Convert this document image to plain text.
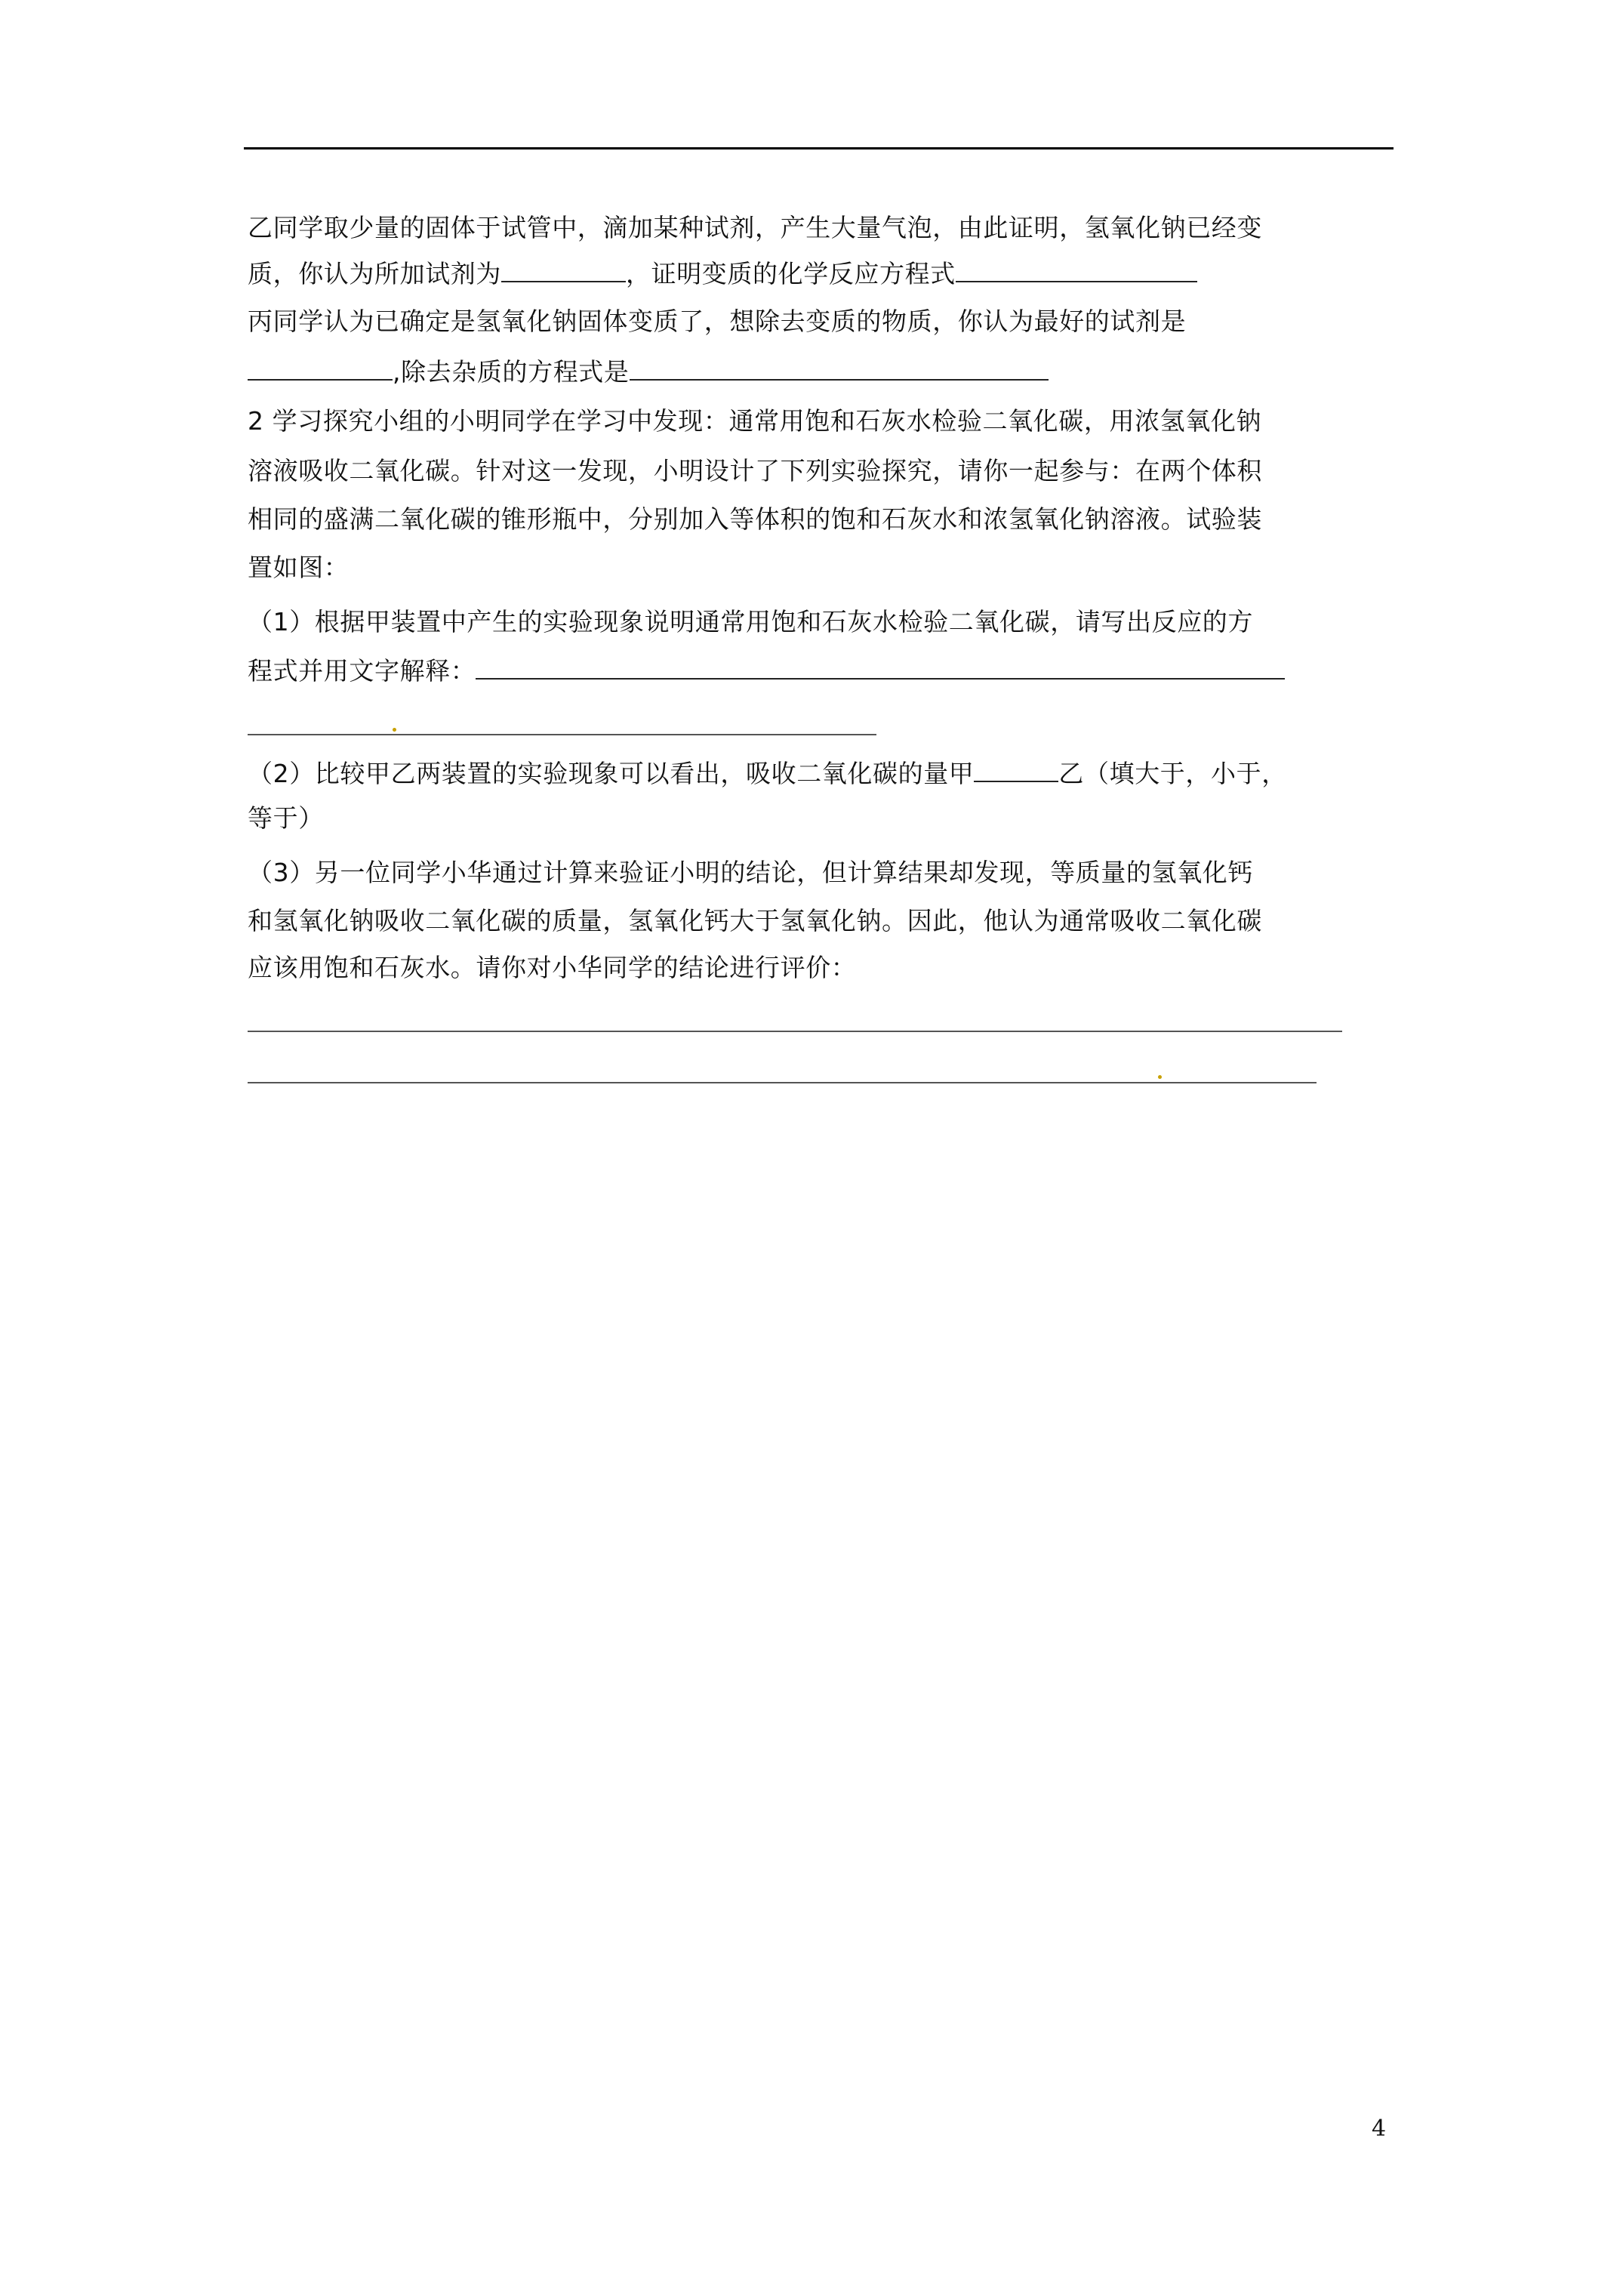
乙同学取少量的固体于试管中，滴加某种试剂，产生大量气泡，由此证明，氢氧化钠已经变
质，你认为所加试剂为	，证明变质的化学反应方程式
丙同学认为已确定是氢氧化钠固体变质了，想除去变质的物质，你认为最好的试剂是
,除去杂质的方程式是
2 学习探究小组的小明同学在学习中发现：通常用饱和石灰水检验二氧化碳，用浓氢氧化钠
溶液吸收二氧化碳。针对这一发现，小明设计了下列实验探究，请你一起参与：在两个体积
相同的盛满二氧化碳的锥形瓶中，分别加入等体积的饱和石灰水和浓氢氧化钠溶液。试验装
置如图：
（1）根据甲装置中产生的实验现象说明通常用饱和石灰水检验二氧化碳，请写出反应的方
程式并用文字解释：
（2）比较甲乙两装置的实验现象可以看出，吸收二氧化碳的量甲	乙（填大于，小于，
等于）
（3）另一位同学小华通过计算来验证小明的结论，但计算结果却发现，等质量的氢氧化钙
和氢氧化钠吸收二氧化碳的质量，氢氧化钙大于氢氧化钠。因此，他认为通常吸收二氧化碳
应该用饱和石灰水。请你对小华同学的结论进行评价：
4
